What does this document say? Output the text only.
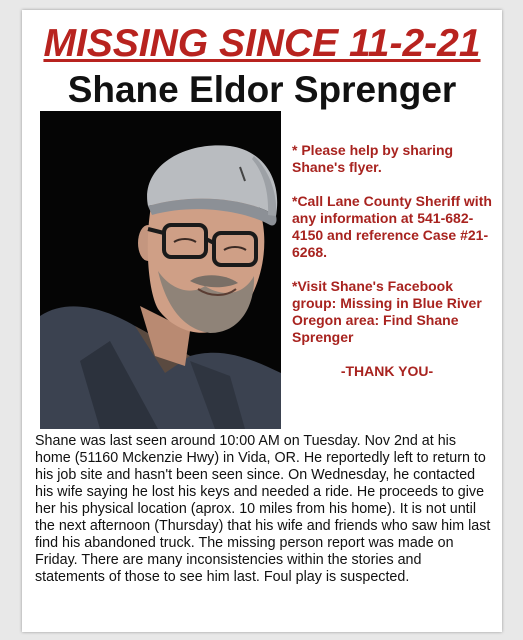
MISSING SINCE 11-2-21
Shane Eldor Sprenger

* Please help by sharing Shane's flyer.

*Call Lane County Sheriff with any information at 541-682-4150 and reference Case #21-6268.

*Visit Shane's Facebook group: Missing in Blue River Oregon area: Find Shane Sprenger

-THANK YOU-

Shane was last seen around 10:00 AM on Tuesday. Nov 2nd at his home (51160 Mckenzie Hwy) in Vida, OR. He reportedly left to return to his job site and hasn't been seen since. On Wednesday, he contacted his wife saying he lost his keys and needed a ride. He proceeds to give her his physical location (aprox. 10 miles from his home). It is not until the next afternoon (Thursday) that his wife and friends who saw him last find his abandoned truck. The missing person report was made on Friday. There are many inconsistencies within the stories and statements of those to see him last. Foul play is suspected.
